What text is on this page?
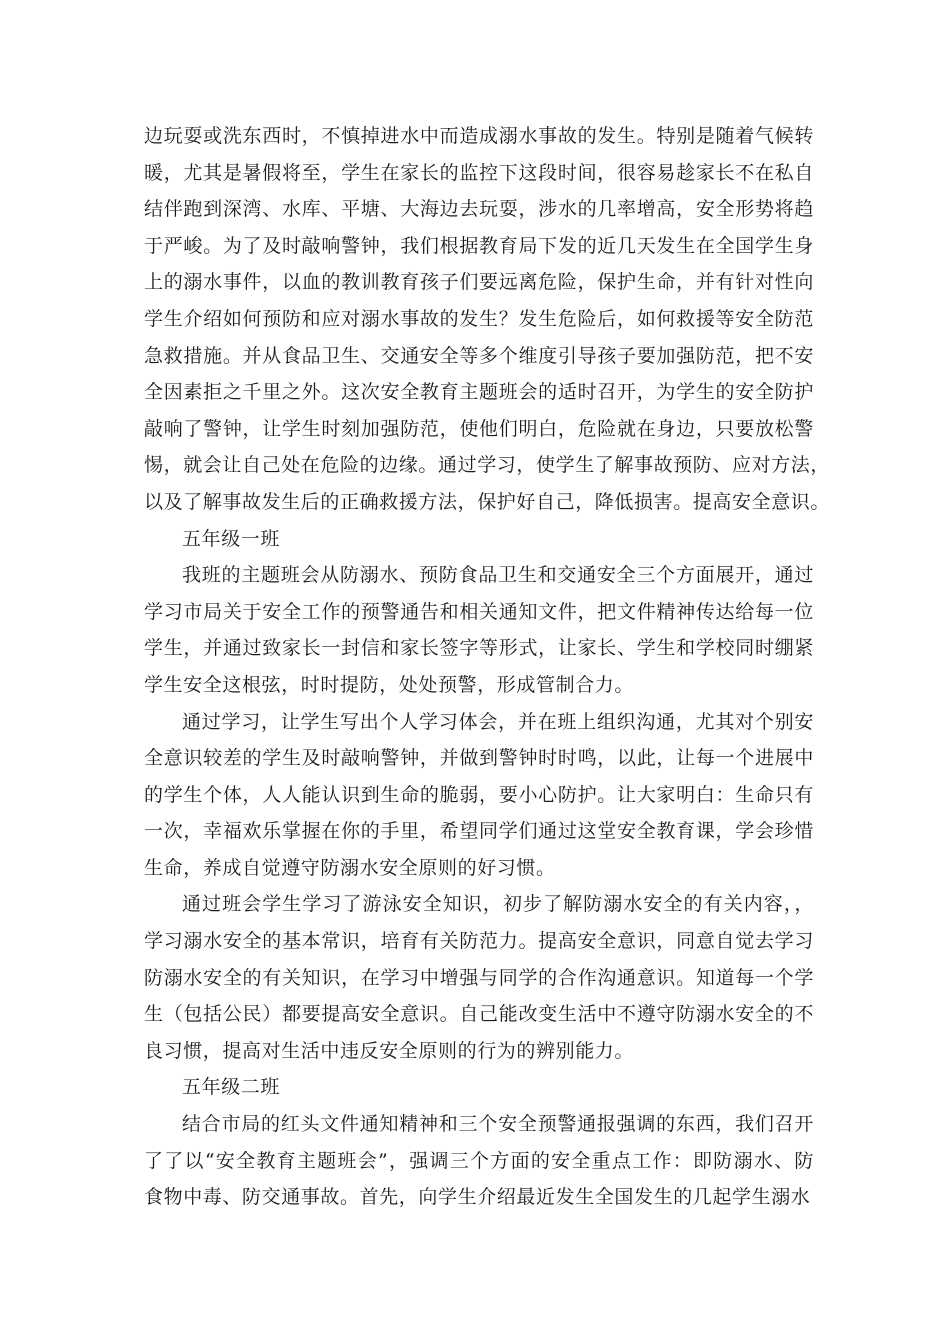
边玩耍或洗东西时，不慎掉进水中而造成溺水事故的发生。特别是随着气候转
暖，尤其是暑假将至，学生在家长的监控下这段时间，很容易趁家长不在私自
结伴跑到深湾、水库、平塘、大海边去玩耍，涉水的几率增高，安全形势将趋
于严峻。为了及时敲响警钟，我们根据教育局下发的近几天发生在全国学生身
上的溺水事件，以血的教训教育孩子们要远离危险，保护生命，并有针对性向
学生介绍如何预防和应对溺水事故的发生？发生危险后，如何救援等安全防范
急救措施。并从食品卫生、交通安全等多个维度引导孩子要加强防范，把不安
全因素拒之千里之外。这次安全教育主题班会的适时召开，为学生的安全防护
敲响了警钟，让学生时刻加强防范，使他们明白，危险就在身边，只要放松警
惕，就会让自己处在危险的边缘。通过学习，使学生了解事故预防、应对方法，
以及了解事故发生后的正确救援方法，保护好自己，降低损害。提高安全意识。
五年级一班
我班的主题班会从防溺水、预防食品卫生和交通安全三个方面展开，通过
学习市局关于安全工作的预警通告和相关通知文件，把文件精神传达给每一位
学生，并通过致家长一封信和家长签字等形式，让家长、学生和学校同时绷紧
学生安全这根弦，时时提防，处处预警，形成管制合力。
通过学习，让学生写出个人学习体会，并在班上组织沟通，尤其对个别安
全意识较差的学生及时敲响警钟，并做到警钟时时鸣，以此，让每一个进展中
的学生个体，人人能认识到生命的脆弱，要小心防护。让大家明白：生命只有
一次，幸福欢乐掌握在你的手里，希望同学们通过这堂安全教育课，学会珍惜
生命，养成自觉遵守防溺水安全原则的好习惯。
通过班会学生学习了游泳安全知识，初步了解防溺水安全的有关内容，，
学习溺水安全的基本常识，培育有关防范力。提高安全意识，同意自觉去学习
防溺水安全的有关知识，在学习中增强与同学的合作沟通意识。知道每一个学
生（包括公民）都要提高安全意识。自己能改变生活中不遵守防溺水安全的不
良习惯，提高对生活中违反安全原则的行为的辨别能力。
五年级二班
结合市局的红头文件通知精神和三个安全预警通报强调的东西，我们召开
了了以“安全教育主题班会”，强调三个方面的安全重点工作：即防溺水、防
食物中毒、防交通事故。首先，向学生介绍最近发生全国发生的几起学生溺水
